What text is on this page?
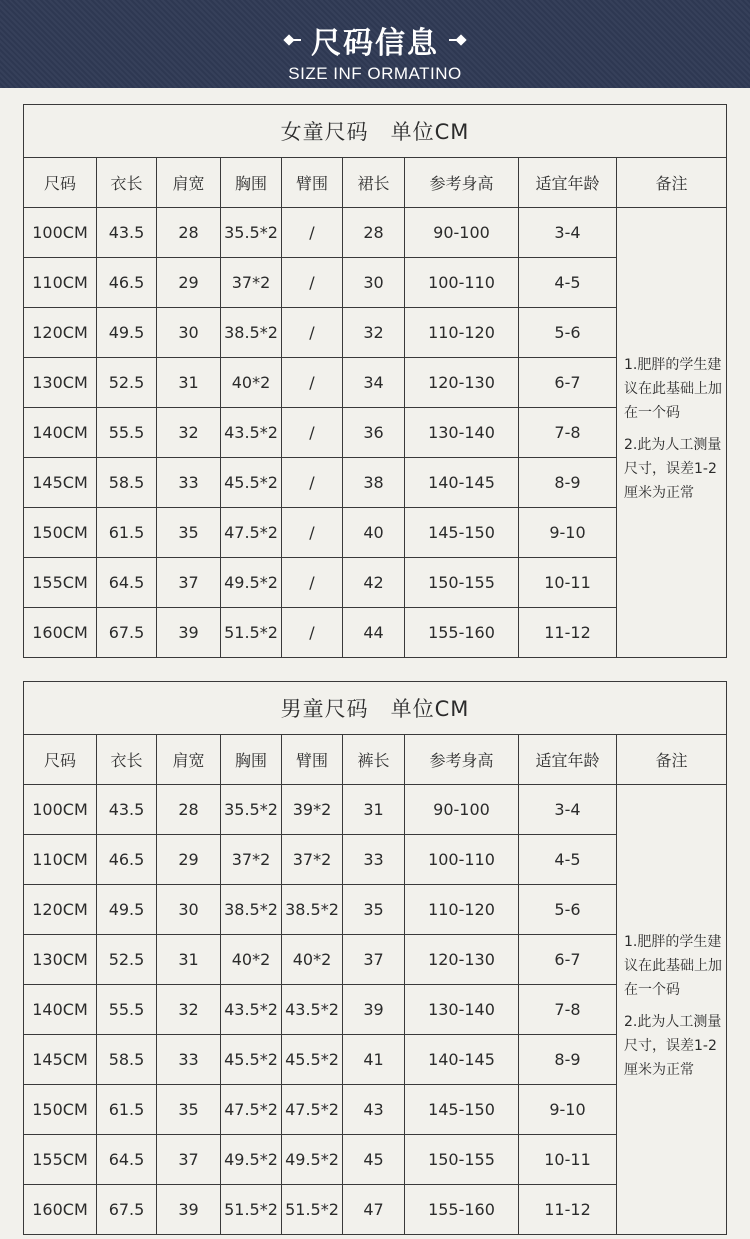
尺码信息
SIZE INF ORMATINO
女童尺码 单位CM								
尺码	衣长	肩宽	胸围	臂围	裙长	参考身高	适宜年龄	备注
100CM	43.5	28	35.5*2	/	28	90-100	3-4	1.肥胖的学生建议在此基础上加在一个码

2.此为人工测量尺寸，误差1-2厘米为正常

110CM	46.5	29	37*2	/	30	100-110	4-5	
120CM	49.5	30	38.5*2	/	32	110-120	5-6	
130CM	52.5	31	40*2	/	34	120-130	6-7	
140CM	55.5	32	43.5*2	/	36	130-140	7-8	
145CM	58.5	33	45.5*2	/	38	140-145	8-9	
150CM	61.5	35	47.5*2	/	40	145-150	9-10	
155CM	64.5	37	49.5*2	/	42	150-155	10-11	
160CM	67.5	39	51.5*2	/	44	155-160	11-12	
男童尺码 单位CM								
尺码	衣长	肩宽	胸围	臂围	裤长	参考身高	适宜年龄	备注
100CM	43.5	28	35.5*2	39*2	31	90-100	3-4	1.肥胖的学生建议在此基础上加在一个码

2.此为人工测量尺寸，误差1-2厘米为正常

110CM	46.5	29	37*2	37*2	33	100-110	4-5	
120CM	49.5	30	38.5*2	38.5*2	35	110-120	5-6	
130CM	52.5	31	40*2	40*2	37	120-130	6-7	
140CM	55.5	32	43.5*2	43.5*2	39	130-140	7-8	
145CM	58.5	33	45.5*2	45.5*2	41	140-145	8-9	
150CM	61.5	35	47.5*2	47.5*2	43	145-150	9-10	
155CM	64.5	37	49.5*2	49.5*2	45	150-155	10-11	
160CM	67.5	39	51.5*2	51.5*2	47	155-160	11-12	
